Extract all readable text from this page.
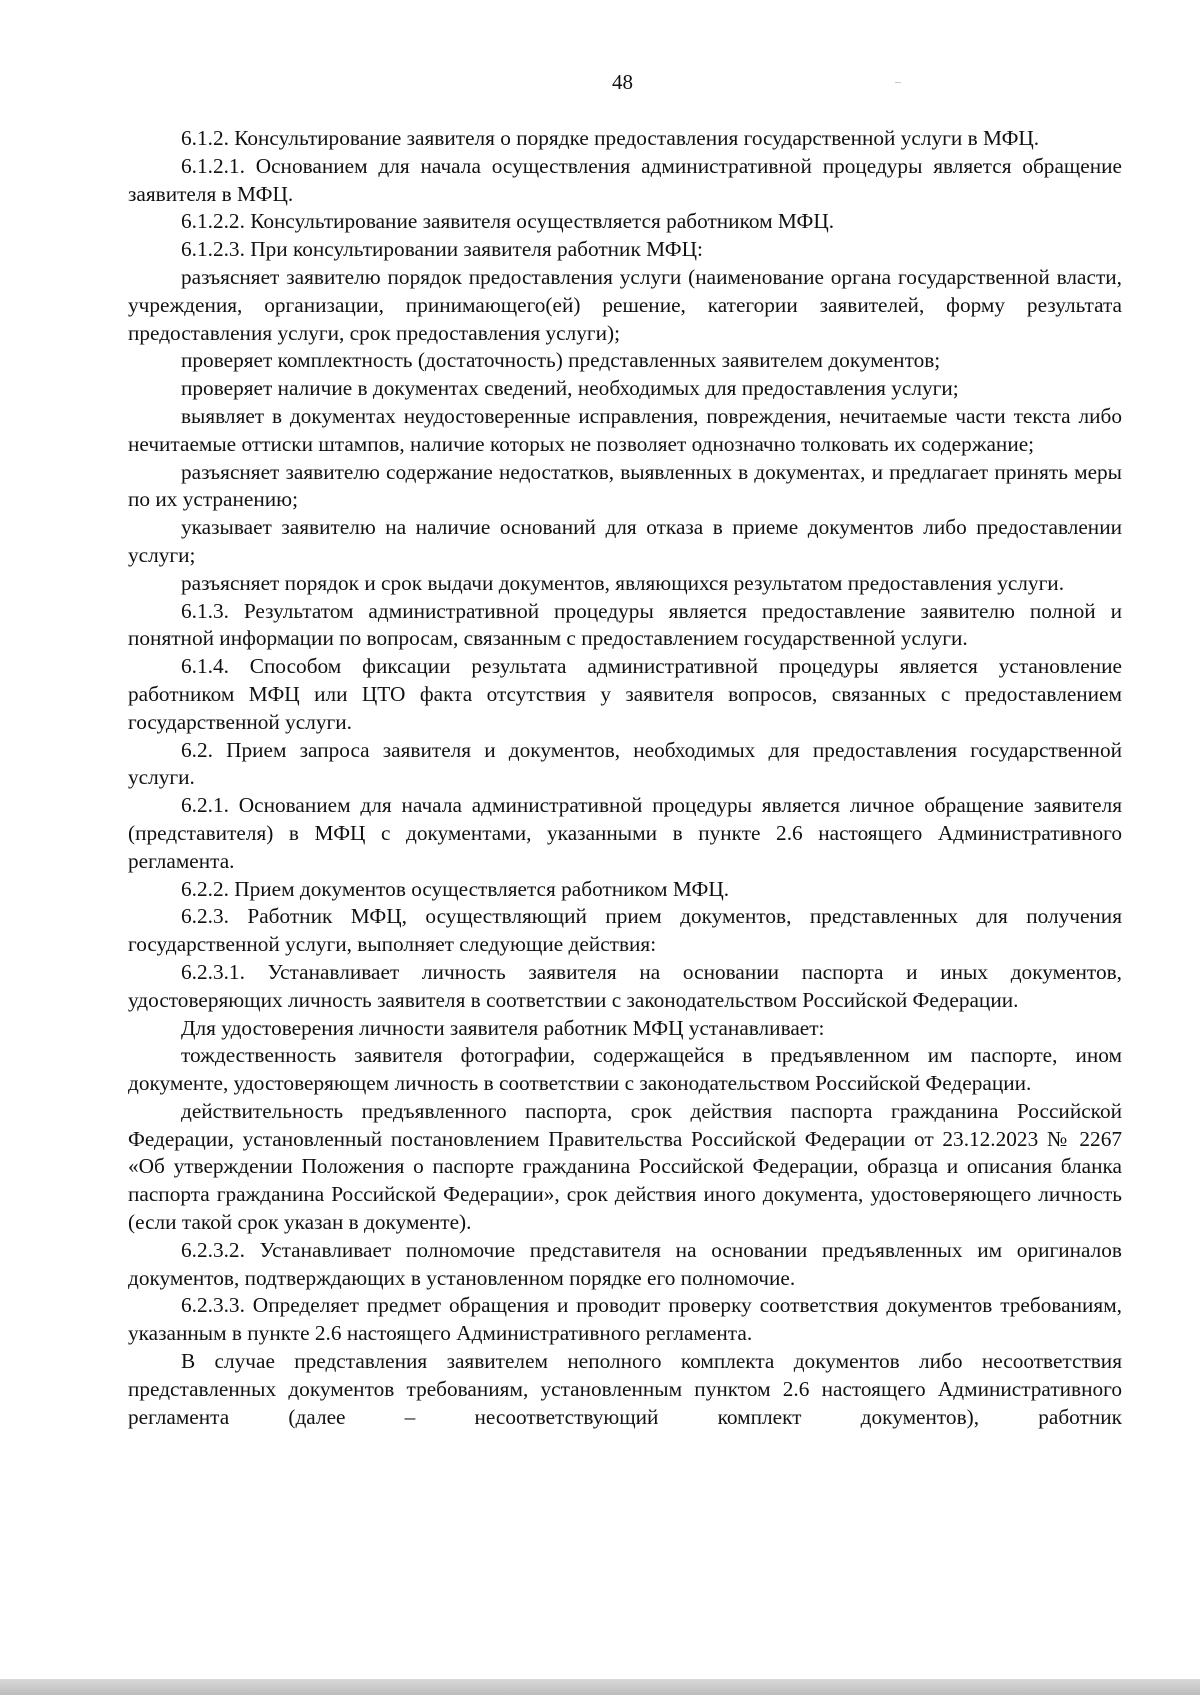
48

6.1.2. Консультирование заявителя о порядке предоставления государственной услуги в МФЦ.

6.1.2.1. Основанием для начала осуществления административной процедуры является обращение заявителя в МФЦ.

6.1.2.2. Консультирование заявителя осуществляется работником МФЦ.

6.1.2.3. При консультировании заявителя работник МФЦ:

разъясняет заявителю порядок предоставления услуги (наименование органа государственной власти, учреждения, организации, принимающего(ей) решение, категории заявителей, форму результата предоставления услуги, срок предоставления услуги);

проверяет комплектность (достаточность) представленных заявителем документов;

проверяет наличие в документах сведений, необходимых для предоставления услуги;

выявляет в документах неудостоверенные исправления, повреждения, нечитаемые части текста либо нечитаемые оттиски штампов, наличие которых не позволяет однозначно толковать их содержание;

разъясняет заявителю содержание недостатков, выявленных в документах, и предлагает принять меры по их устранению;

указывает заявителю на наличие оснований для отказа в приеме документов либо предоставлении услуги;

разъясняет порядок и срок выдачи документов, являющихся результатом предоставления услуги.

6.1.3. Результатом административной процедуры является предоставление заявителю полной и понятной информации по вопросам, связанным с предоставлением государственной услуги.

6.1.4. Способом фиксации результата административной процедуры является установление работником МФЦ или ЦТО факта отсутствия у заявителя вопросов, связанных с предоставлением государственной услуги.

6.2. Прием запроса заявителя и документов, необходимых для предоставления государственной услуги.

6.2.1. Основанием для начала административной процедуры является личное обращение заявителя (представителя) в МФЦ с документами, указанными в пункте 2.6 настоящего Административного регламента.

6.2.2. Прием документов осуществляется работником МФЦ.

6.2.3. Работник МФЦ, осуществляющий прием документов, представленных для получения государственной услуги, выполняет следующие действия:

6.2.3.1. Устанавливает личность заявителя на основании паспорта и иных документов, удостоверяющих личность заявителя в соответствии с законодательством Российской Федерации.

Для удостоверения личности заявителя работник МФЦ устанавливает:

тождественность заявителя фотографии, содержащейся в предъявленном им паспорте, ином документе, удостоверяющем личность в соответствии с законодательством Российской Федерации.

действительность предъявленного паспорта, срок действия паспорта гражданина Российской Федерации, установленный постановлением Правительства Российской Федерации от 23.12.2023 № 2267 «Об утверждении Положения о паспорте гражданина Российской Федерации, образца и описания бланка паспорта гражданина Российской Федерации», срок действия иного документа, удостоверяющего личность (если такой срок указан в документе).

6.2.3.2. Устанавливает полномочие представителя на основании предъявленных им оригиналов документов, подтверждающих в установленном порядке его полномочие.

6.2.3.3. Определяет предмет обращения и проводит проверку соответствия документов требованиям, указанным в пункте 2.6 настоящего Административного регламента.

В случае представления заявителем неполного комплекта документов либо несоответствия представленных документов требованиям, установленным пунктом 2.6 настоящего Административного регламента (далее – несоответствующий комплект документов), работник
